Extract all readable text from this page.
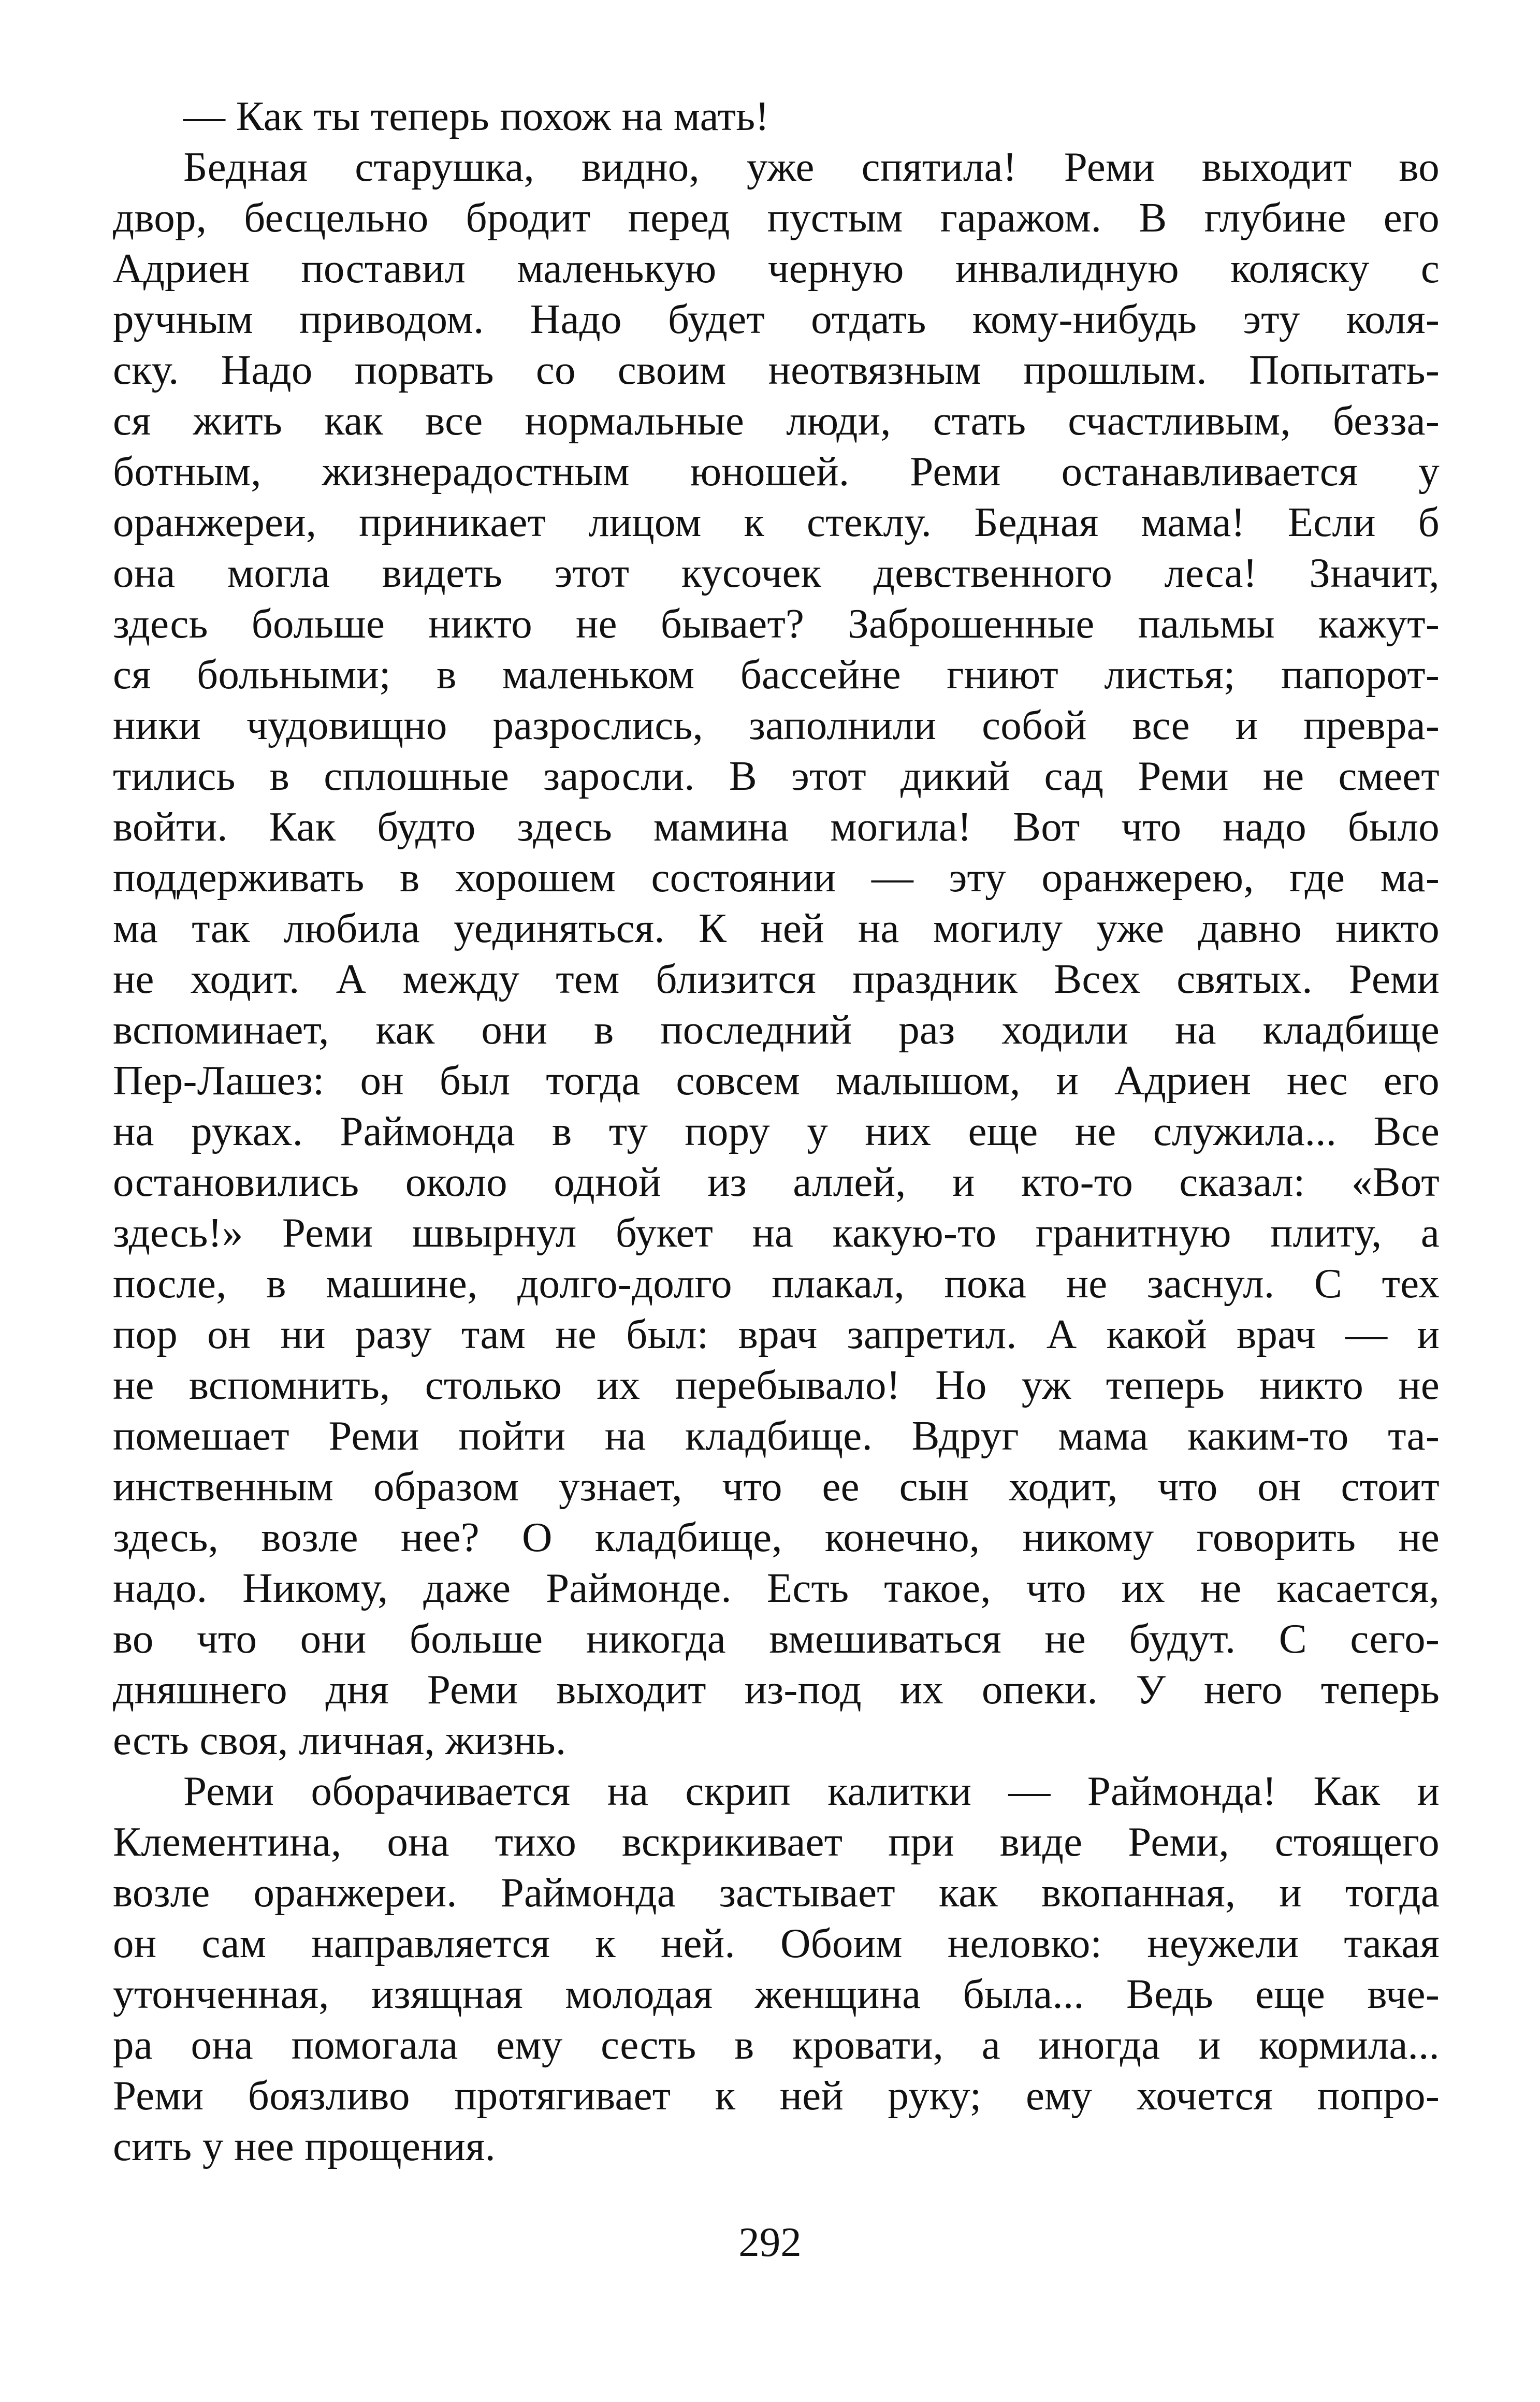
— Как ты теперь похож на мать!
Бедная старушка, видно, уже спятила! Реми выходит во
двор, бесцельно бродит перед пустым гаражом. В глубине его
Адриен поставил маленькую черную инвалидную коляску с
ручным приводом. Надо будет отдать кому-нибудь эту коля-
ску. Надо порвать со своим неотвязным прошлым. Попытать-
ся жить как все нормальные люди, стать счастливым, безза-
ботным, жизнерадостным юношей. Реми останавливается у
оранжереи, приникает лицом к стеклу. Бедная мама! Если б
она могла видеть этот кусочек девственного леса! Значит,
здесь больше никто не бывает? Заброшенные пальмы кажут-
ся больными; в маленьком бассейне гниют листья; папорот-
ники чудовищно разрослись, заполнили собой все и превра-
тились в сплошные заросли. В этот дикий сад Реми не смеет
войти. Как будто здесь мамина могила! Вот что надо было
поддерживать в хорошем состоянии — эту оранжерею, где ма-
ма так любила уединяться. К ней на могилу уже давно никто
не ходит. А между тем близится праздник Всех святых. Реми
вспоминает, как они в последний раз ходили на кладбище
Пер-Лашез: он был тогда совсем малышом, и Адриен нес его
на руках. Раймонда в ту пору у них еще не служила... Все
остановились около одной из аллей, и кто-то сказал: «Вот
здесь!» Реми швырнул букет на какую-то гранитную плиту, а
после, в машине, долго-долго плакал, пока не заснул. С тех
пор он ни разу там не был: врач запретил. А какой врач — и
не вспомнить, столько их перебывало! Но уж теперь никто не
помешает Реми пойти на кладбище. Вдруг мама каким-то та-
инственным образом узнает, что ее сын ходит, что он стоит
здесь, возле нее? О кладбище, конечно, никому говорить не
надо. Никому, даже Раймонде. Есть такое, что их не касается,
во что они больше никогда вмешиваться не будут. С сего-
дняшнего дня Реми выходит из-под их опеки. У него теперь
есть своя, личная, жизнь.
Реми оборачивается на скрип калитки — Раймонда! Как и
Клементина, она тихо вскрикивает при виде Реми, стоящего
возле оранжереи. Раймонда застывает как вкопанная, и тогда
он сам направляется к ней. Обоим неловко: неужели такая
утонченная, изящная молодая женщина была... Ведь еще вче-
ра она помогала ему сесть в кровати, а иногда и кормила...
Реми боязливо протягивает к ней руку; ему хочется попро-
сить у нее прощения.
292
